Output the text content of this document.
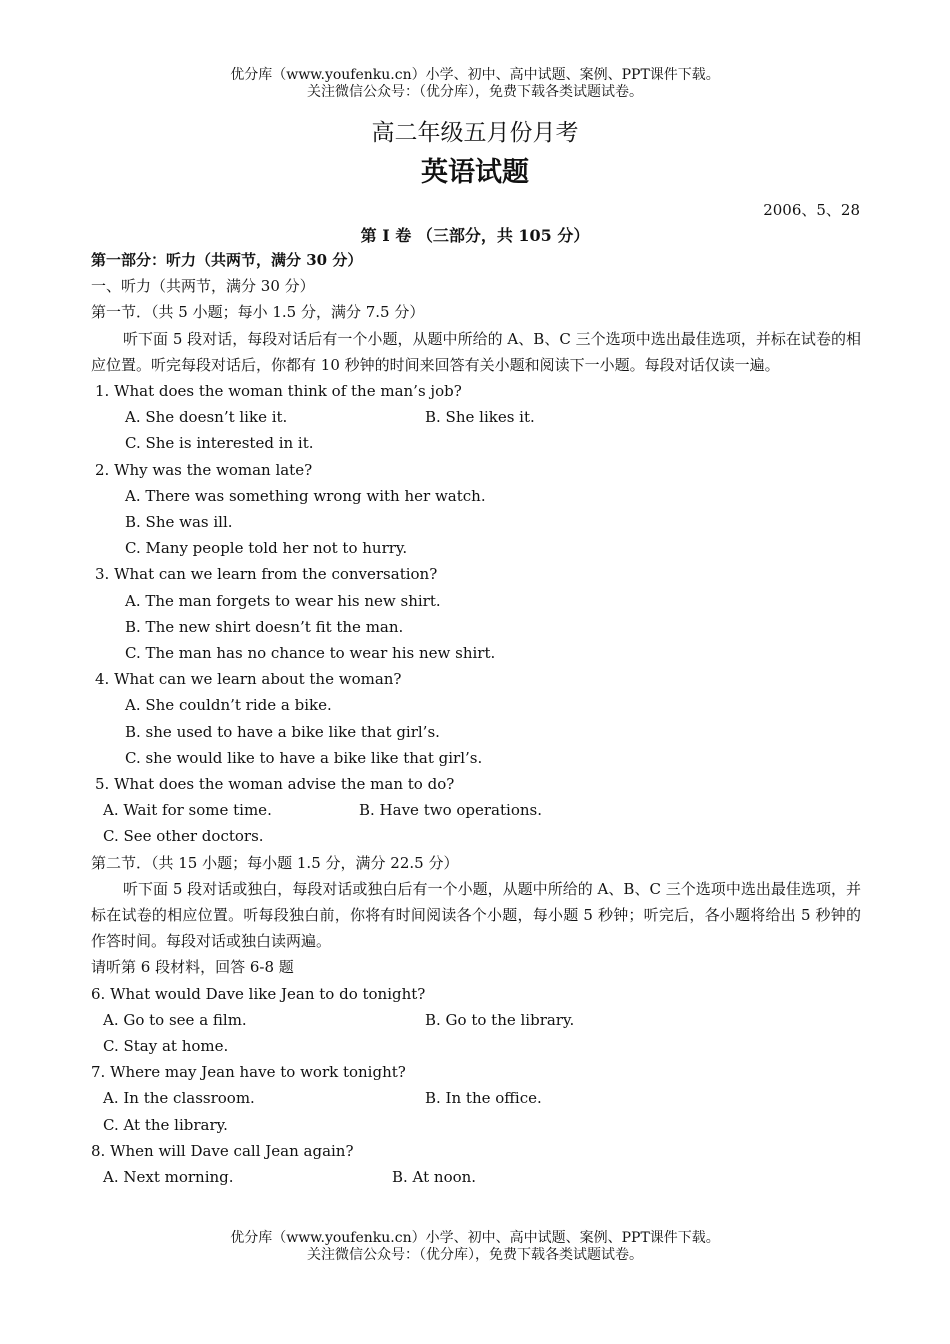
优分库（www.youfenku.cn）小学、初中、高中试题、案例、PPT课件下载。
关注微信公众号：（优分库），免费下载各类试题试卷。
高二年级五月份月考
英语试题
2006、5、28
第 I 卷 （三部分，共 105 分）
第一部分：听力（共两节，满分 30 分）
一、听力（共两节，满分 30 分）
第一节．（共 5 小题；每小 1.5 分，满分 7.5 分）
听下面 5 段对话，每段对话后有一个小题，从题中所给的 A、B、C 三个选项中选出最佳选项，并标在试卷的相应位置。听完每段对话后，你都有 10 秒钟的时间来回答有关小题和阅读下一小题。每段对话仅读一遍。
1. What does the woman think of the man’s job?
A. She doesn’t like it.	B. She likes it.
C. She is interested in it.
2. Why was the woman late?
A. There was something wrong with her watch.
B. She was ill.
C. Many people told her not to hurry.
3. What can we learn from the conversation?
A. The man forgets to wear his new shirt.
B. The new shirt doesn’t fit the man.
C. The man has no chance to wear his new shirt.
4. What can we learn about the woman?
A. She couldn’t ride a bike.
B. she used to have a bike like that girl’s.
C. she would like to have a bike like that girl’s.
5. What does the woman advise the man to do?
A. Wait for some time.	B. Have two operations.
C. See other doctors.
第二节．（共 15 小题；每小题 1.5 分，满分 22.5 分）
听下面 5 段对话或独白，每段对话或独白后有一个小题，从题中所给的 A、B、C 三个选项中选出最佳选项，并标在试卷的相应位置。听每段独白前，你将有时间阅读各个小题，每小题 5 秒钟；听完后，各小题将给出 5 秒钟的作答时间。每段对话或独白读两遍。
请听第 6 段材料，回答 6-8 题
6. What would Dave like Jean to do tonight?
A. Go to see a film.	B. Go to the library.
C. Stay at home.
7. Where may Jean have to work tonight?
A. In the classroom.	B. In the office.
C. At the library.
8. When will Dave call Jean again?
A. Next morning.	B. At noon.
优分库（www.youfenku.cn）小学、初中、高中试题、案例、PPT课件下载。
关注微信公众号：（优分库），免费下载各类试题试卷。
